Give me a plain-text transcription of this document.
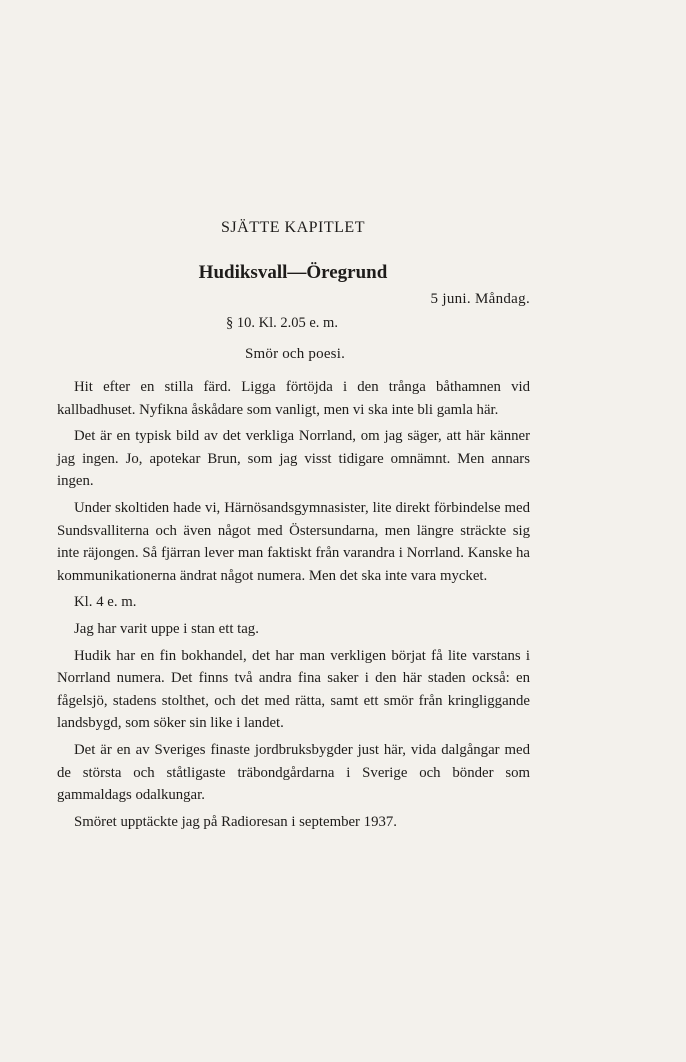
SJÄTTE KAPITLET
Hudiksvall—Öregrund
5 juni. Måndag.
§ 10. Kl. 2.05 e. m.
Smör och poesi.

Hit efter en stilla färd. Ligga förtöjda i den trånga båthamnen vid kallbadhuset. Nyfikna åskådare som vanligt, men vi ska inte bli gamla här.

Det är en typisk bild av det verkliga Norrland, om jag säger, att här känner jag ingen. Jo, apotekar Brun, som jag visst tidigare omnämnt. Men annars ingen.

Under skoltiden hade vi, Härnösandsgymnasister, lite direkt förbindelse med Sundsvalliterna och även något med Östersundarna, men längre sträckte sig inte räjongen. Så fjärran lever man faktiskt från varandra i Norrland. Kanske ha kommunikationerna ändrat något numera. Men det ska inte vara mycket.

Kl. 4 e. m.

Jag har varit uppe i stan ett tag.

Hudik har en fin bokhandel, det har man verkligen börjat få lite varstans i Norrland numera. Det finns två andra fina saker i den här staden också: en fågelsjö, stadens stolthet, och det med rätta, samt ett smör från kringliggande landsbygd, som söker sin like i landet.

Det är en av Sveriges finaste jordbruksbygder just här, vida dalgångar med de största och ståtligaste träbondgårdarna i Sverige och bönder som gammaldags odalkungar.

Smöret upptäckte jag på Radioresan i september 1937.
